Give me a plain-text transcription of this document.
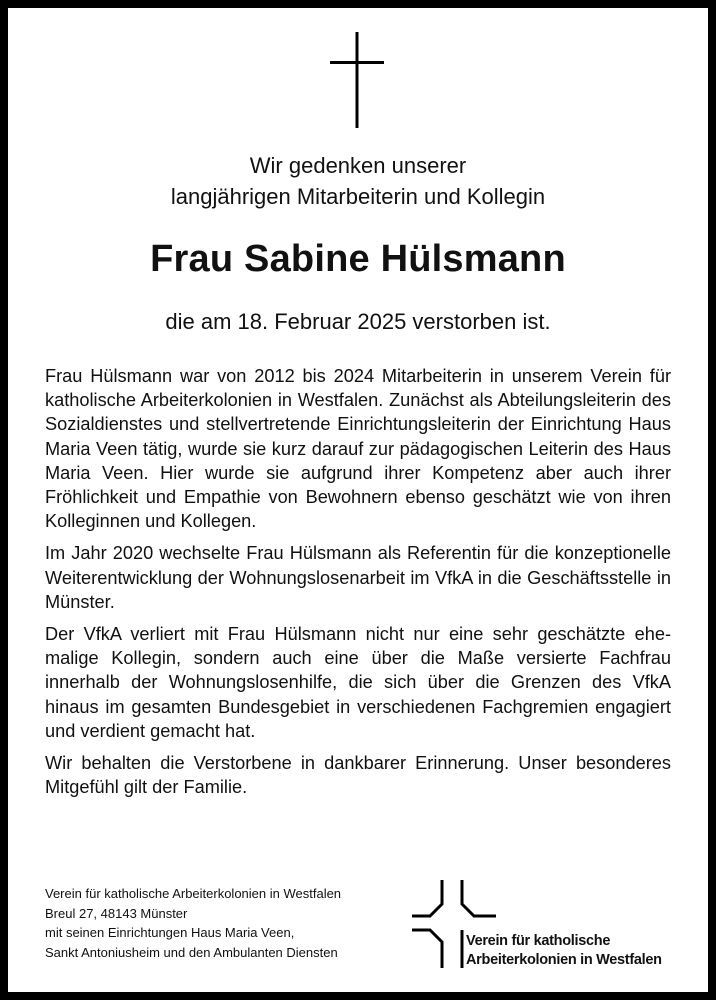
Wir gedenken unserer
langjährigen Mitarbeiterin und Kollegin
Frau Sabine Hülsmann
die am 18. Februar 2025 verstorben ist.

Frau Hülsmann war von 2012 bis 2024 Mitarbeiterin in unserem Verein für katholische Arbeiterkolonien in Westfalen. Zunächst als Abteilungsleiterin des Sozialdienstes und stellvertretende Einrichtungsleiterin der Einrichtung Haus Maria Veen tätig, wurde sie kurz darauf zur pädagogischen Leiterin des Haus Maria Veen. Hier wurde sie aufgrund ihrer Kompetenz aber auch ihrer Fröhlichkeit und Empathie von Bewohnern ebenso geschätzt wie von ihren Kolleginnen und Kollegen.

Im Jahr 2020 wechselte Frau Hülsmann als Referentin für die konzeptionelle Weiterentwicklung der Wohnungslosenarbeit im VfkA in die Geschäftsstelle in Münster.

Der VfkA verliert mit Frau Hülsmann nicht nur eine sehr geschätzte ehemalige Kollegin, sondern auch eine über die Maße versierte Fachfrau innerhalb der Wohnungslosenhilfe, die sich über die Grenzen des VfkA hinaus im gesamten Bundesgebiet in verschiedenen Fachgremien engagiert und verdient gemacht hat.

Wir behalten die Verstorbene in dankbarer Erinnerung. Unser besonderes Mitgefühl gilt der Familie.

Verein für katholische Arbeiterkolonien in Westfalen
Breul 27, 48143 Münster
mit seinen Einrichtungen Haus Maria Veen,
Sankt Antoniusheim und den Ambulanten Diensten
Verein für katholische
Arbeiterkolonien in Westfalen
